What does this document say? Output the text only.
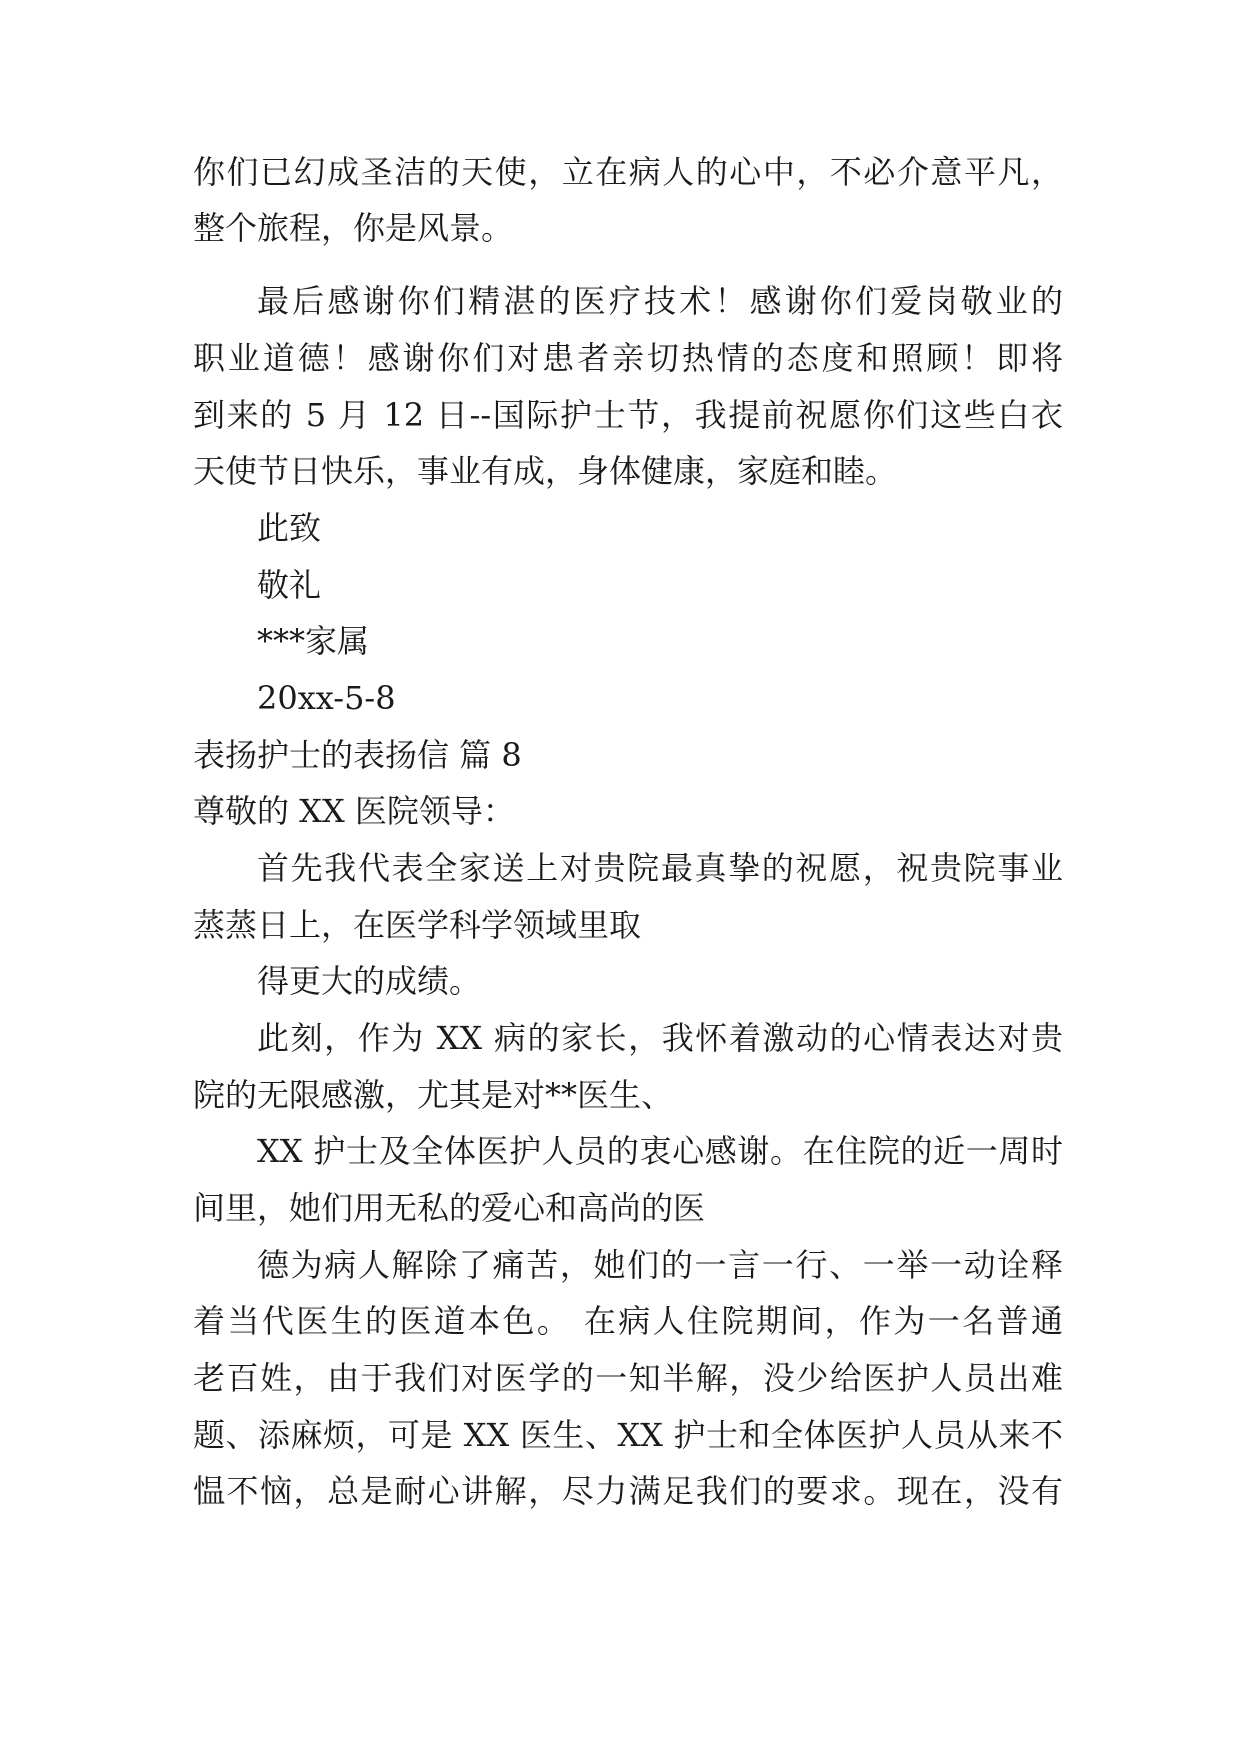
你们已幻成圣洁的天使，立在病人的心中，不必介意平凡，
整个旅程，你是风景。
最后感谢你们精湛的医疗技术！感谢你们爱岗敬业的
职业道德！感谢你们对患者亲切热情的态度和照顾！即将
到来的 5 月 12 日--国际护士节，我提前祝愿你们这些白衣
天使节日快乐，事业有成，身体健康，家庭和睦。
此致
敬礼
***家属
20xx-5-8
表扬护士的表扬信 篇 8
尊敬的 XX 医院领导：
首先我代表全家送上对贵院最真挚的祝愿，祝贵院事业
蒸蒸日上，在医学科学领域里取
得更大的成绩。
此刻，作为 XX 病的家长，我怀着激动的心情表达对贵
院的无限感激，尤其是对**医生、
XX 护士及全体医护人员的衷心感谢。在住院的近一周时
间里，她们用无私的爱心和高尚的医
德为病人解除了痛苦，她们的一言一行、一举一动诠释
着当代医生的医道本色。 在病人住院期间，作为一名普通
老百姓，由于我们对医学的一知半解，没少给医护人员出难
题、添麻烦，可是 XX 医生、XX 护士和全体医护人员从来不
愠不恼，总是耐心讲解，尽力满足我们的要求。现在，没有
